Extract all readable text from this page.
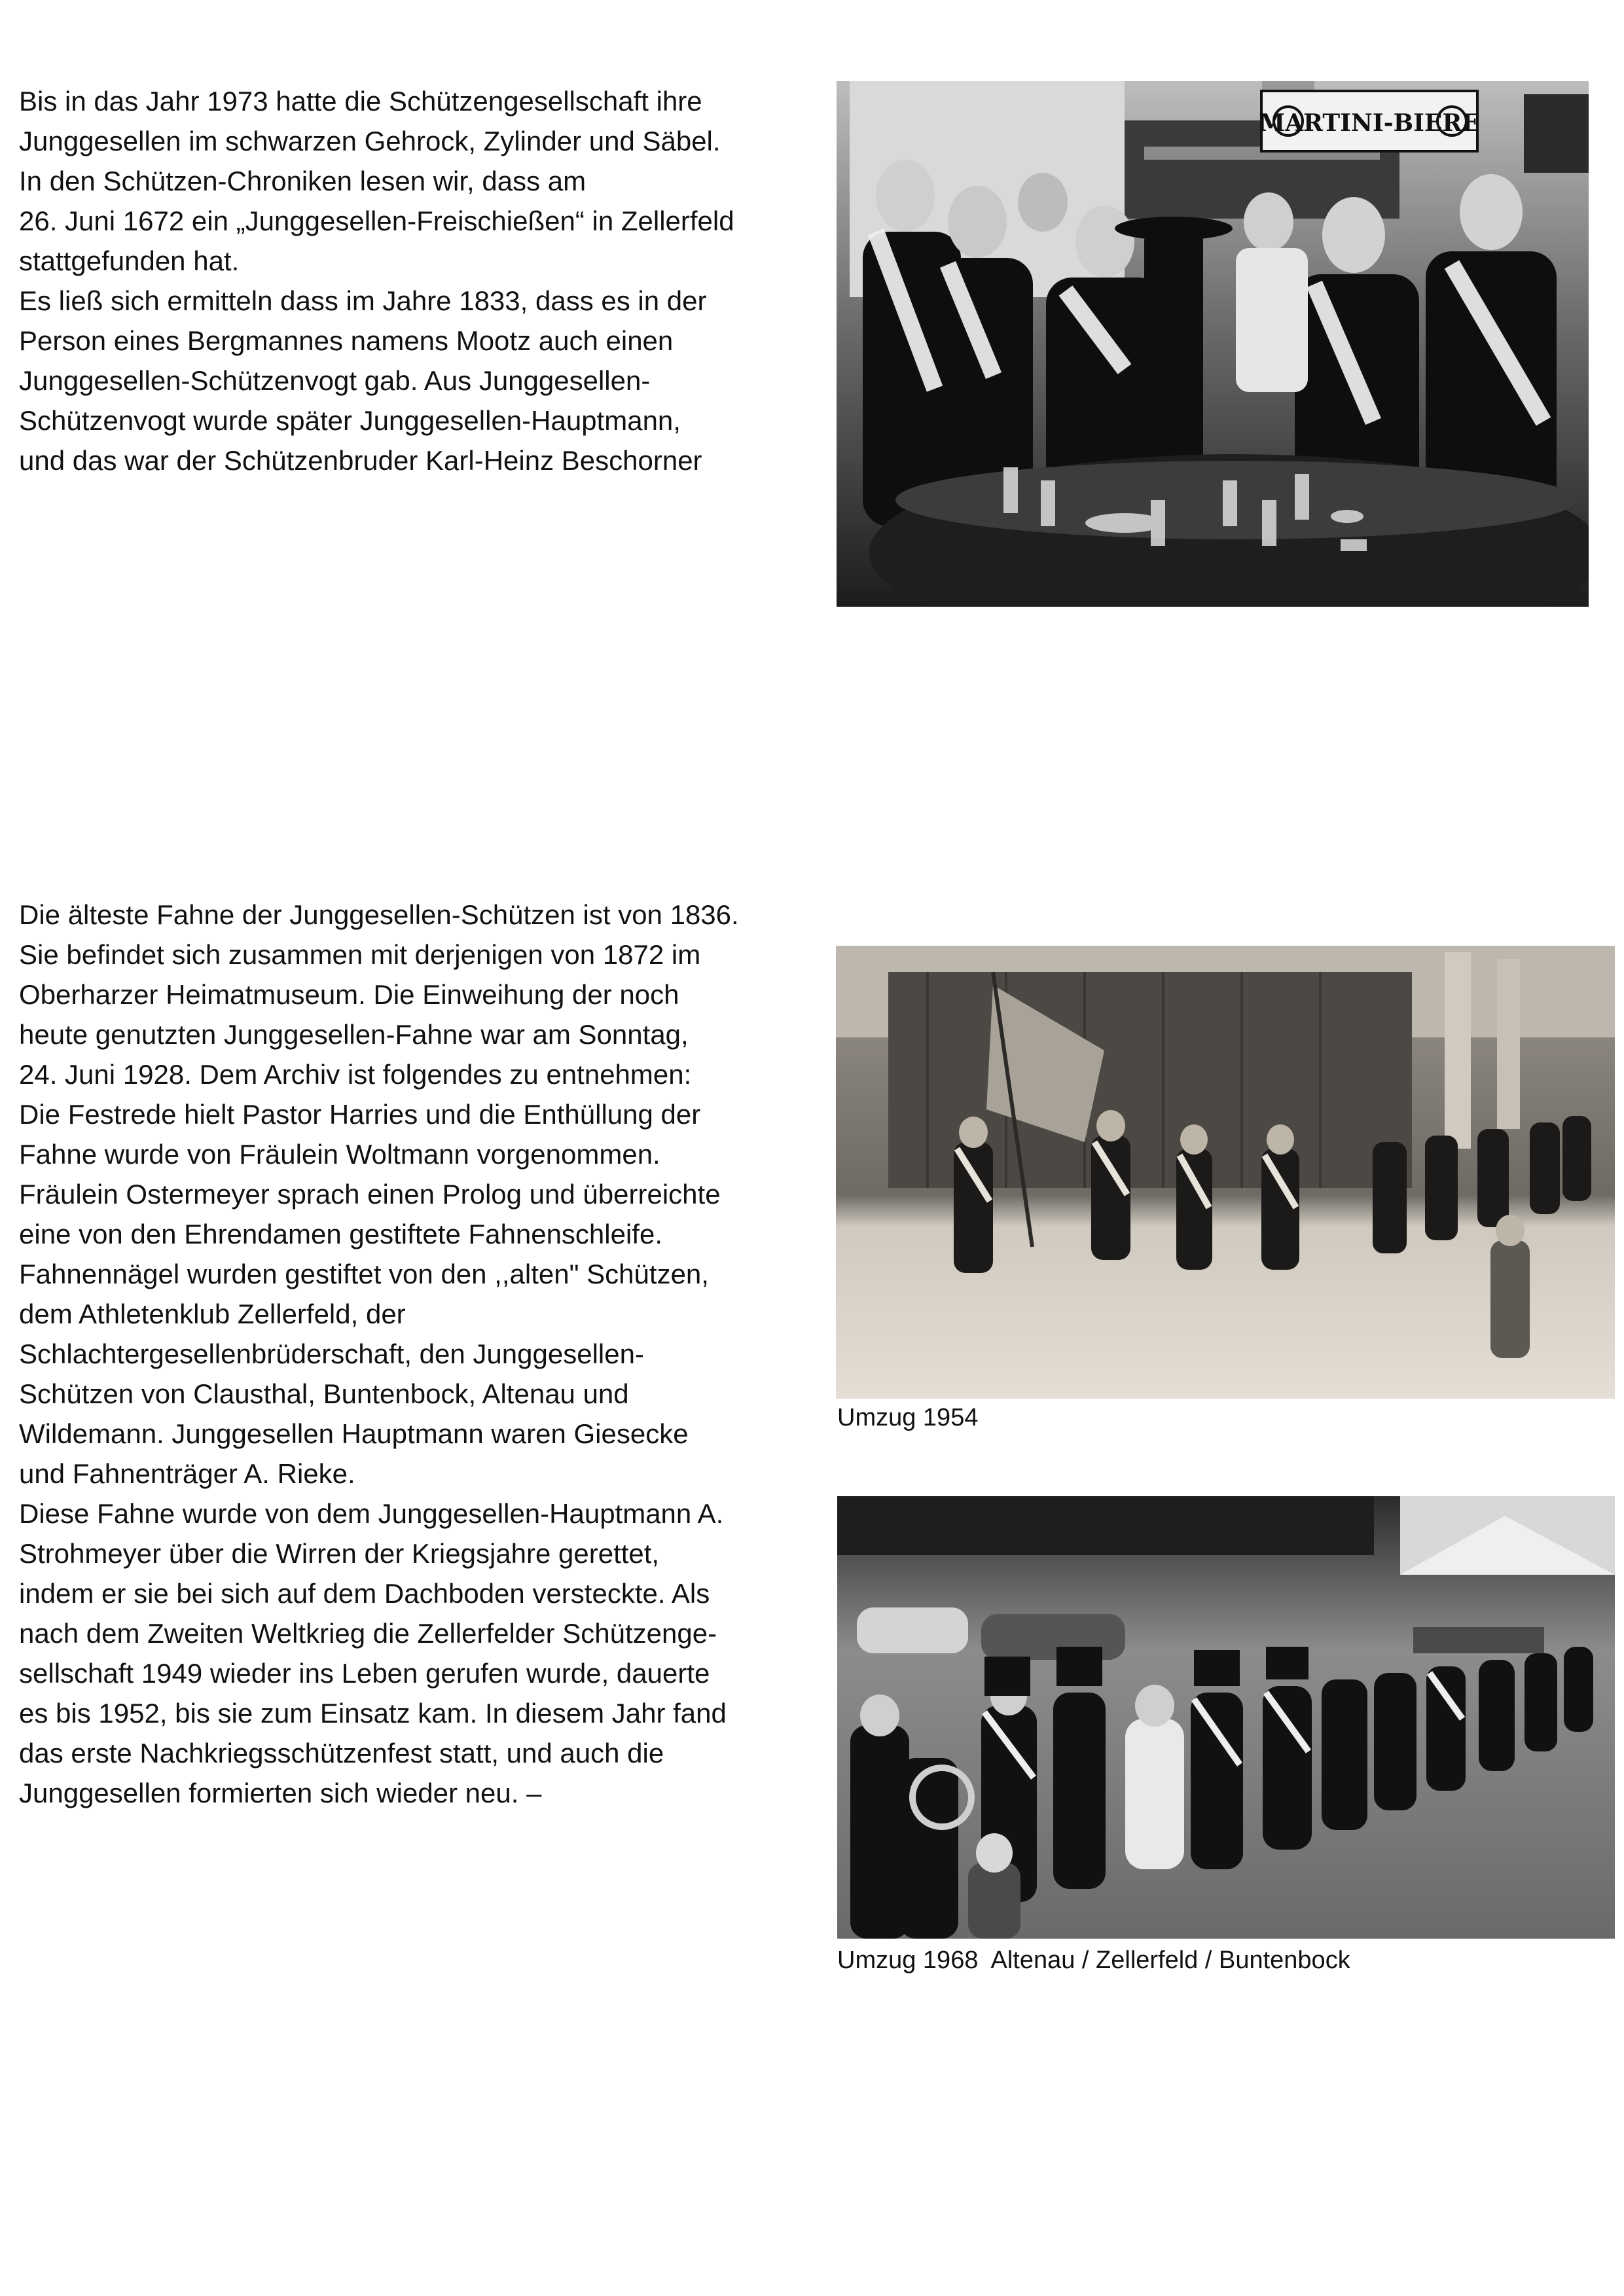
Bis in das Jahr 1973 hatte die Schützengesellschaft ihre
Junggesellen im schwarzen Gehrock, Zylinder und Säbel.
In den Schützen-Chroniken lesen wir, dass am
26. Juni 1672 ein „Junggesellen-Freischießen“ in Zellerfeld
stattgefunden hat.
Es ließ sich ermitteln dass im Jahre 1833, dass es in der
Person eines Bergmannes namens Mootz auch einen
Junggesellen-Schützenvogt gab. Aus Junggesellen-
Schützenvogt wurde später Junggesellen-Hauptmann,
und das war der Schützenbruder Karl-Heinz Beschorner

MARTINI-BIERE

Die älteste Fahne der Junggesellen-Schützen ist von 1836.
Sie befindet sich zusammen mit derjenigen von 1872 im
Oberharzer Heimatmuseum. Die Einweihung der noch
heute genutzten Junggesellen-Fahne war am Sonntag,
24. Juni 1928. Dem Archiv ist folgendes zu entnehmen:
Die Festrede hielt Pastor Harries und die Enthüllung der
Fahne wurde von Fräulein Woltmann vorgenommen.
Fräulein Ostermeyer sprach einen Prolog und überreichte
eine von den Ehrendamen gestiftete Fahnenschleife.
Fahnennägel wurden gestiftet von den ,,alten" Schützen,
dem Athletenklub Zellerfeld, der
Schlachtergesellenbrüderschaft, den Junggesellen-
Schützen von Clausthal, Buntenbock, Altenau und
Wildemann. Junggesellen Hauptmann waren Giesecke
und Fahnenträger A. Rieke.
Diese Fahne wurde von dem Junggesellen-Hauptmann A.
Strohmeyer über die Wirren der Kriegsjahre gerettet,
indem er sie bei sich auf dem Dachboden versteckte. Als
nach dem Zweiten Weltkrieg die Zellerfelder Schützenge-
sellschaft 1949 wieder ins Leben gerufen wurde, dauerte
es bis 1952, bis sie zum Einsatz kam. In diesem Jahr fand
das erste Nachkriegsschützenfest statt, und auch die
Junggesellen formierten sich wieder neu. –

Umzug 1954

Umzug 1968  Altenau / Zellerfeld / Buntenbock
